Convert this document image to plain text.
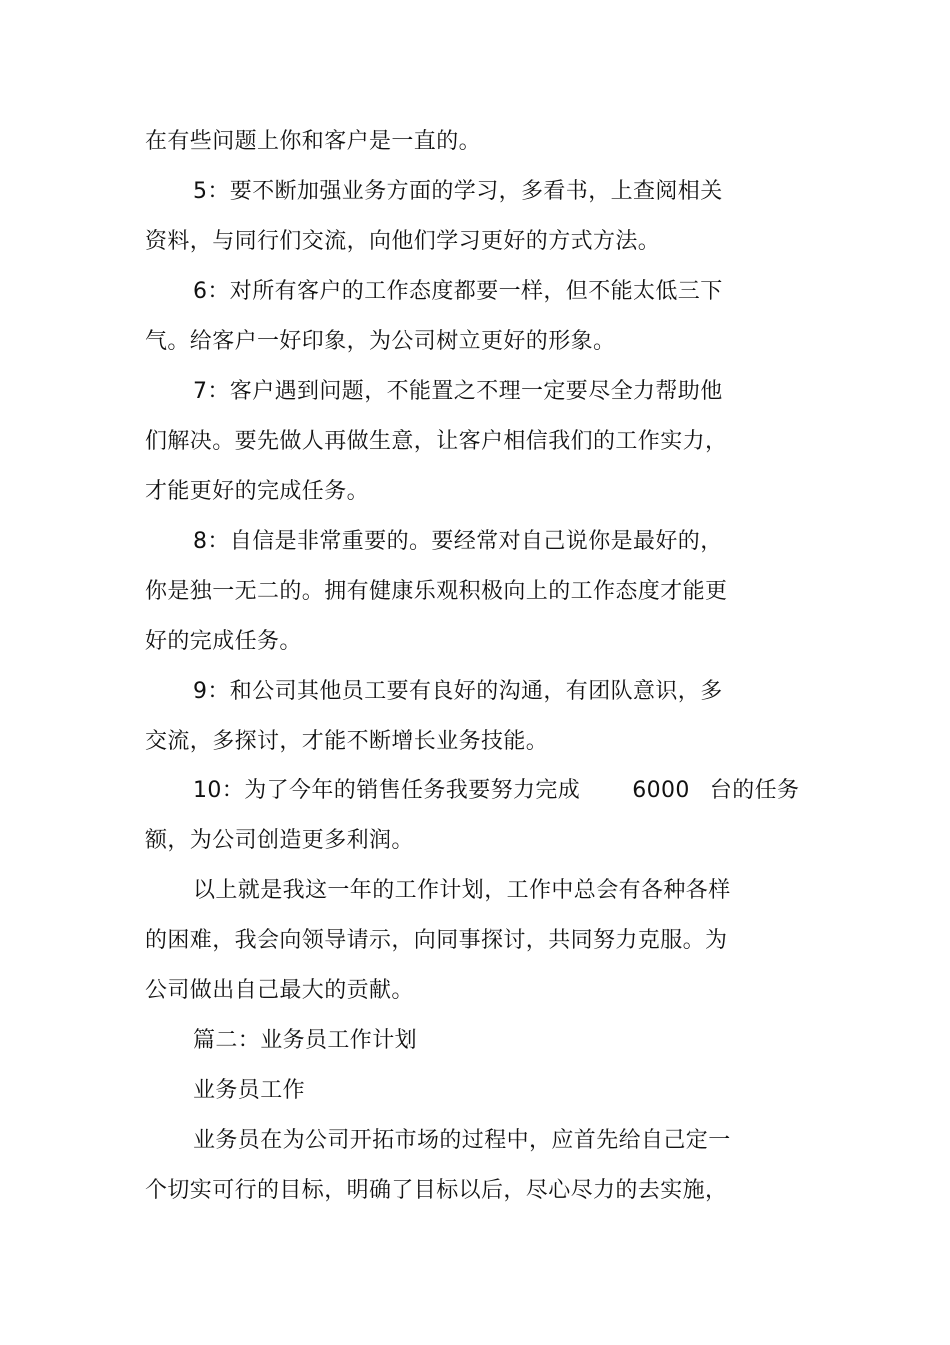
在有些问题上你和客户是一直的。
5：要不断加强业务方面的学习，多看书，上查阅相关
资料，与同行们交流，向他们学习更好的方式方法。
6：对所有客户的工作态度都要一样，但不能太低三下
气。给客户一好印象，为公司树立更好的形象。
7：客户遇到问题，不能置之不理一定要尽全力帮助他
们解决。要先做人再做生意，让客户相信我们的工作实力，
才能更好的完成任务。
8：自信是非常重要的。要经常对自己说你是最好的，
你是独一无二的。拥有健康乐观积极向上的工作态度才能更
好的完成任务。
9：和公司其他员工要有良好的沟通，有团队意识，多
交流，多探讨，才能不断增长业务技能。
10：为了今年的销售任务我要努力完成 6000 台的任务
额，为公司创造更多利润。
以上就是我这一年的工作计划，工作中总会有各种各样
的困难，我会向领导请示，向同事探讨，共同努力克服。为
公司做出自己最大的贡献。
篇二：业务员工作计划
业务员工作
业务员在为公司开拓市场的过程中，应首先给自己定一
个切实可行的目标，明确了目标以后，尽心尽力的去实施，
